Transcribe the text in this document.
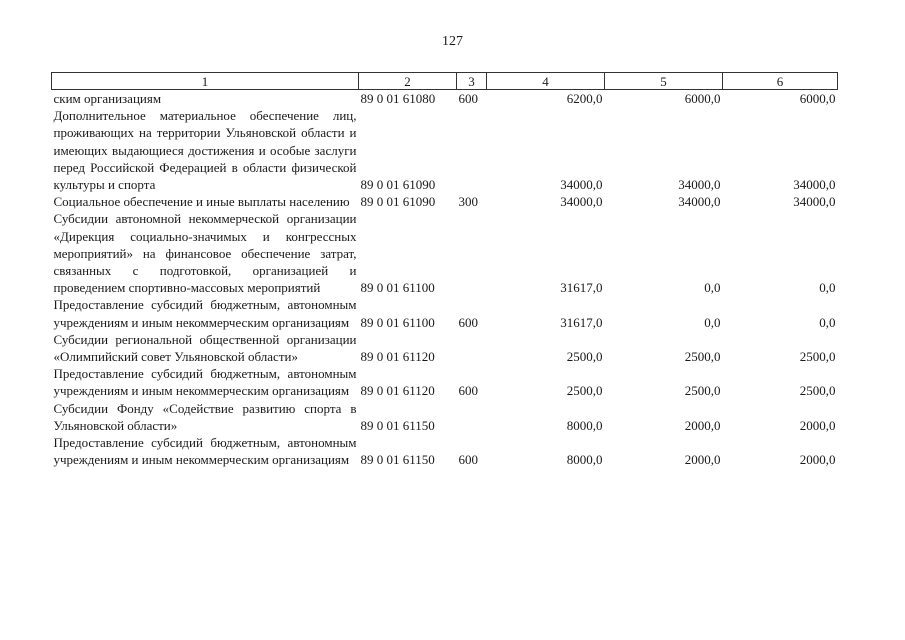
127
1	2	3	4	5	6
ским организациям	89 0 01 61080	600	6200,0	6000,0	6000,0
Дополнительное материальное обеспечение лиц, проживающих на территории Ульяновской области и имеющих выдающиеся достижения и особые заслуги перед Российской Федерацией в области физической культуры и спорта	89 0 01 61090		34000,0	34000,0	34000,0
Социальное обеспечение и иные выплаты населению	89 0 01 61090	300	34000,0	34000,0	34000,0
Субсидии автономной некоммерческой организации «Дирекция социально-значимых и конгрессных мероприятий» на финансовое обеспечение затрат, связанных с подготовкой, организацией и проведением спортивно-массовых мероприятий	89 0 01 61100		31617,0	0,0	0,0
Предоставление субсидий бюджетным, автономным учреждениям и иным некоммерческим организациям	89 0 01 61100	600	31617,0	0,0	0,0
Субсидии региональной общественной организации «Олимпийский совет Ульяновской области»	89 0 01 61120		2500,0	2500,0	2500,0
Предоставление субсидий бюджетным, автономным учреждениям и иным некоммерческим организациям	89 0 01 61120	600	2500,0	2500,0	2500,0
Субсидии Фонду «Содействие развитию спорта в Ульяновской области»	89 0 01 61150		8000,0	2000,0	2000,0
Предоставление субсидий бюджетным, автономным учреждениям и иным некоммерческим организациям	89 0 01 61150	600	8000,0	2000,0	2000,0
